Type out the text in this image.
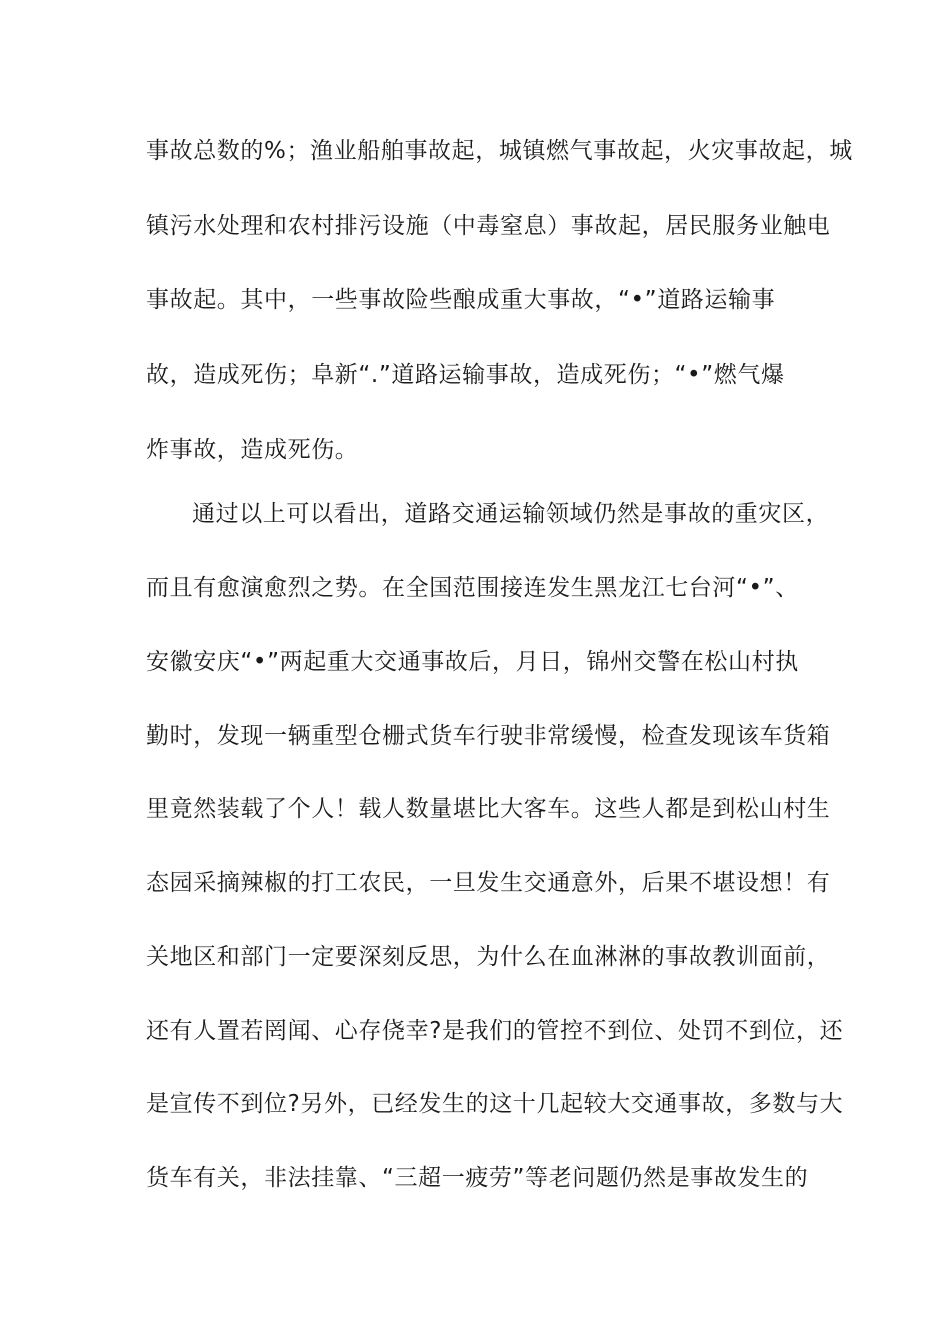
事故总数的%；渔业船舶事故起，城镇燃气事故起，火灾事故起，城
镇污水处理和农村排污设施（中毒窒息）事故起，居民服务业触电
事故起。其中，一些事故险些酿成重大事故，“•”道路运输事
故，造成死伤；阜新“.”道路运输事故，造成死伤；“•”燃气爆
炸事故，造成死伤。
通过以上可以看出，道路交通运输领域仍然是事故的重灾区，
而且有愈演愈烈之势。在全国范围接连发生黑龙江七台河“•”、
安徽安庆“•”两起重大交通事故后，月日，锦州交警在松山村执
勤时，发现一辆重型仓栅式货车行驶非常缓慢，检查发现该车货箱
里竟然装载了个人！载人数量堪比大客车。这些人都是到松山村生
态园采摘辣椒的打工农民，一旦发生交通意外，后果不堪设想！有
关地区和部门一定要深刻反思，为什么在血淋淋的事故教训面前，
还有人置若罔闻、心存侥幸?是我们的管控不到位、处罚不到位，还
是宣传不到位?另外，已经发生的这十几起较大交通事故，多数与大
货车有关，非法挂靠、“三超一疲劳”等老问题仍然是事故发生的
